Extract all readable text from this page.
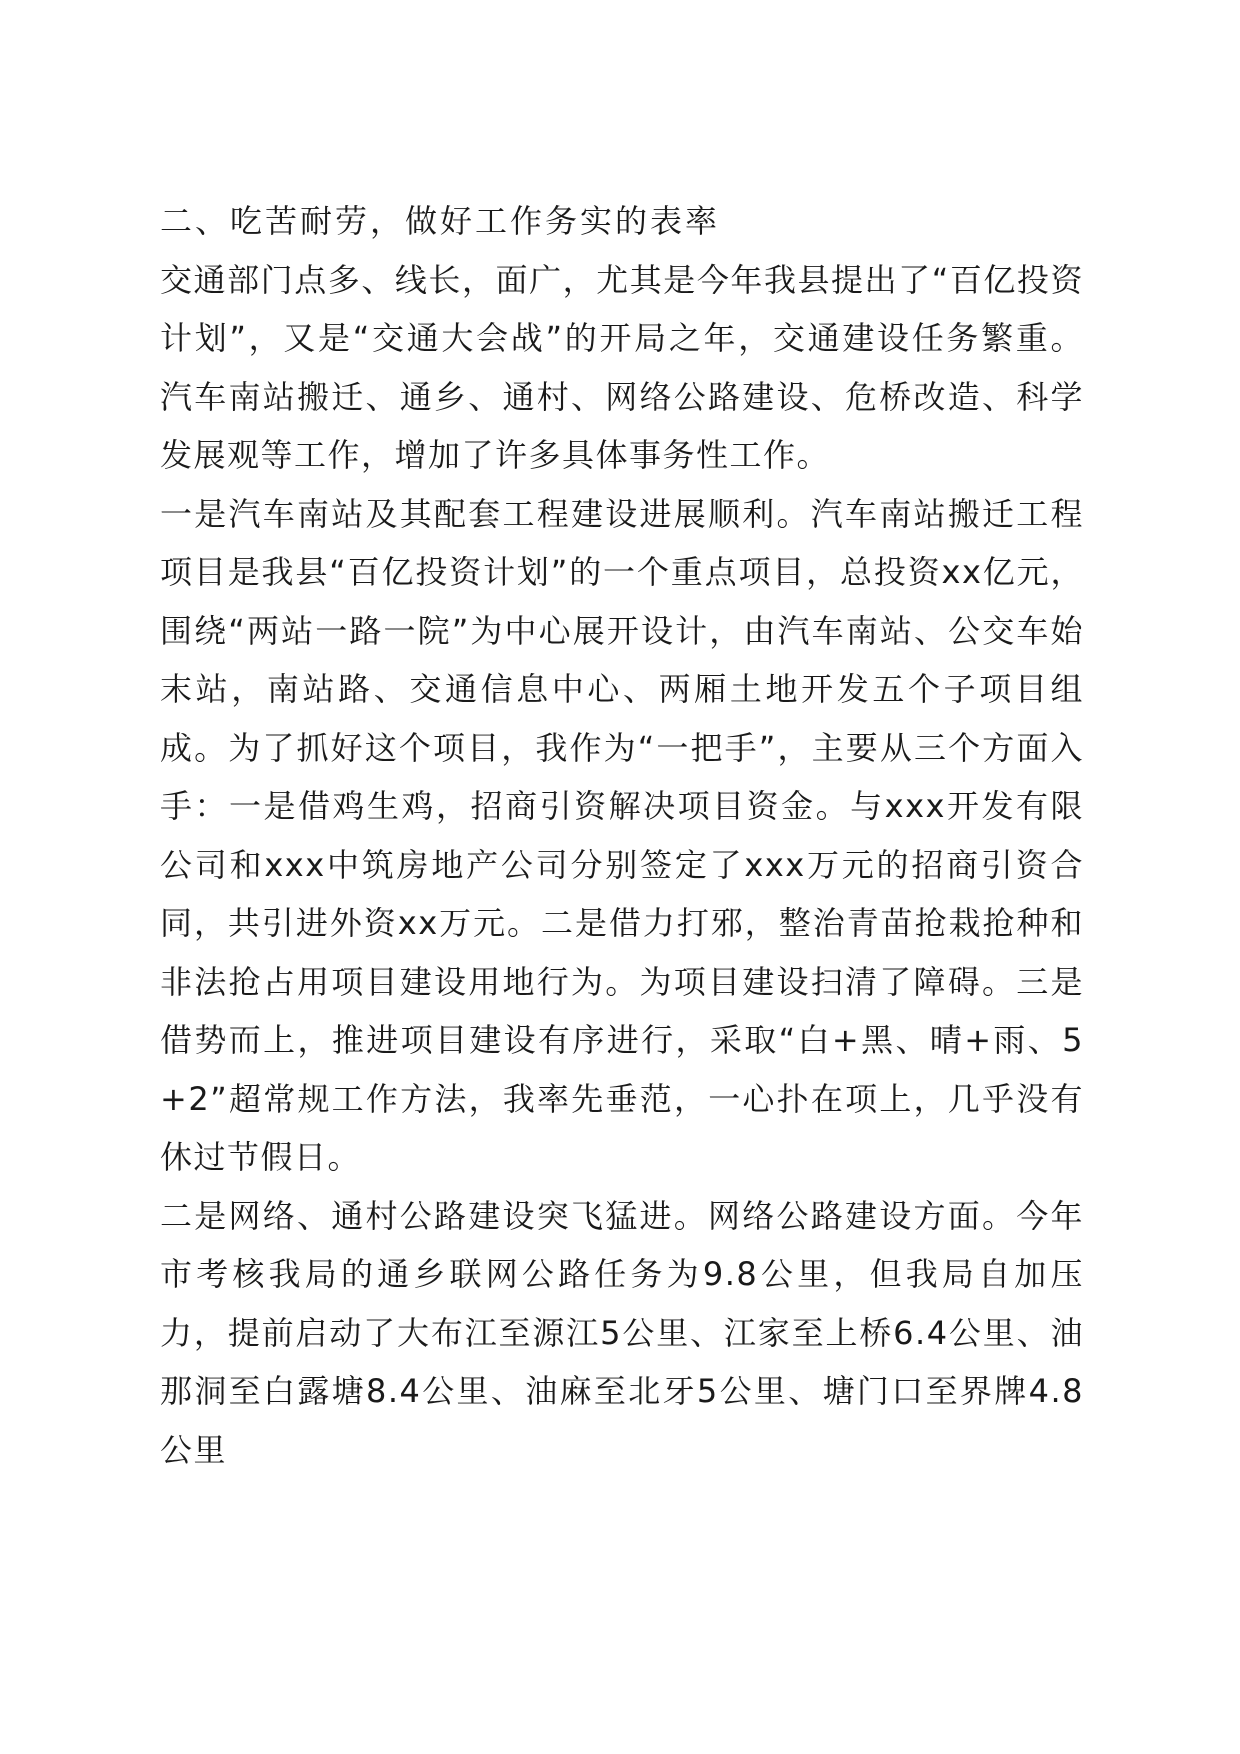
二、吃苦耐劳，做好工作务实的表率

交通部门点多、线长，面广，尤其是今年我县提出了“百亿投资计划”，又是“交通大会战”的开局之年，交通建设任务繁重。汽车南站搬迁、通乡、通村、网络公路建设、危桥改造、科学发展观等工作，增加了许多具体事务性工作。

一是汽车南站及其配套工程建设进展顺利。汽车南站搬迁工程项目是我县“百亿投资计划”的一个重点项目，总投资xx亿元，围绕“两站一路一院”为中心展开设计，由汽车南站、公交车始末站，南站路、交通信息中心、两厢土地开发五个子项目组成。为了抓好这个项目，我作为“一把手”，主要从三个方面入手：一是借鸡生鸡，招商引资解决项目资金。与xxx开发有限公司和xxx中筑房地产公司分别签定了xxx万元的招商引资合同，共引进外资xx万元。二是借力打邪，整治青苗抢栽抢种和非法抢占用项目建设用地行为。为项目建设扫清了障碍。三是借势而上，推进项目建设有序进行，采取“白+黑、晴+雨、5+2”超常规工作方法，我率先垂范，一心扑在项上，几乎没有休过节假日。

二是网络、通村公路建设突飞猛进。网络公路建设方面。今年市考核我局的通乡联网公路任务为9.8公里，但我局自加压力，提前启动了大布江至源江5公里、江家至上桥6.4公里、油那洞至白露塘8.4公里、油麻至北牙5公里、塘门口至界牌4.8公里
